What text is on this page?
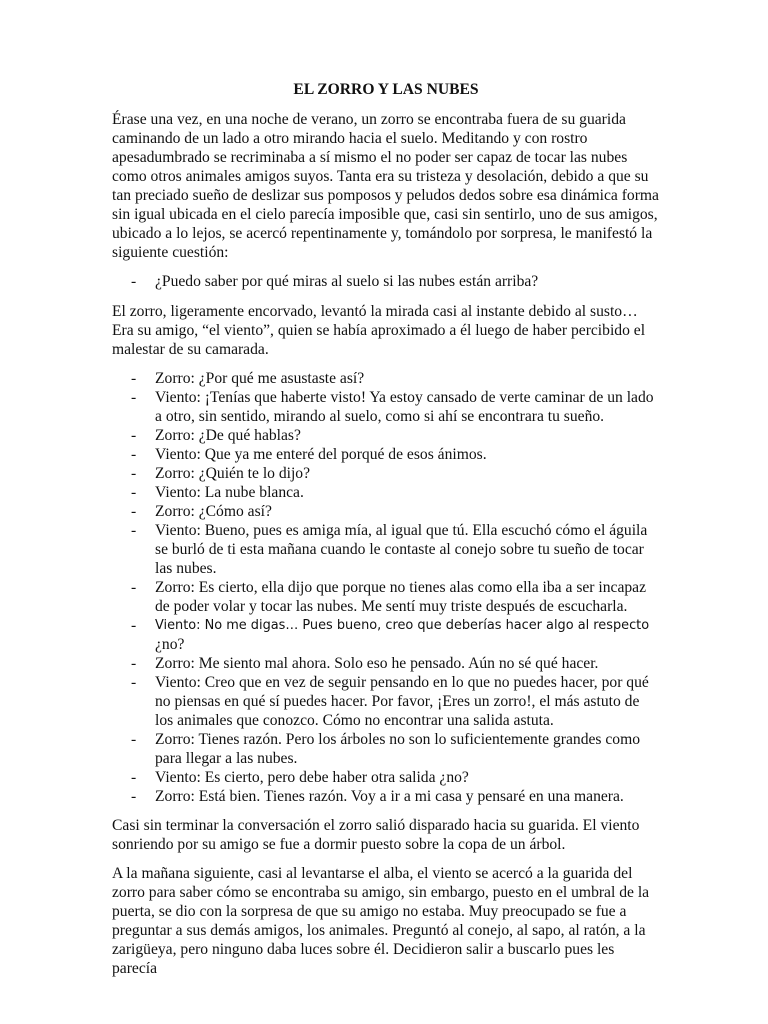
EL ZORRO Y LAS NUBES

Érase una vez, en una noche de verano, un zorro se encontraba fuera de su guarida caminando de un lado a otro mirando hacia el suelo. Meditando y con rostro apesadumbrado se recriminaba a sí mismo el no poder ser capaz de tocar las nubes como otros animales amigos suyos. Tanta era su tristeza y desolación, debido a que su tan preciado sueño de deslizar sus pomposos y peludos dedos sobre esa dinámica forma sin igual ubicada en el cielo parecía imposible que, casi sin sentirlo, uno de sus amigos, ubicado a lo lejos, se acercó repentinamente y, tomándolo por sorpresa, le manifestó la siguiente cuestión:

- ¿Puedo saber por qué miras al suelo si las nubes están arriba?

El zorro, ligeramente encorvado, levantó la mirada casi al instante debido al susto… Era su amigo, “el viento”, quien se había aproximado a él luego de haber percibido el malestar de su camarada.

- Zorro: ¿Por qué me asustaste así?
- Viento: ¡Tenías que haberte visto! Ya estoy cansado de verte caminar de un lado a otro, sin sentido, mirando al suelo, como si ahí se encontrara tu sueño.
- Zorro: ¿De qué hablas?
- Viento: Que ya me enteré del porqué de esos ánimos.
- Zorro: ¿Quién te lo dijo?
- Viento: La nube blanca.
- Zorro: ¿Cómo así?
- Viento: Bueno, pues es amiga mía, al igual que tú. Ella escuchó cómo el águila se burló de ti esta mañana cuando le contaste al conejo sobre tu sueño de tocar las nubes.
- Zorro: Es cierto, ella dijo que porque no tienes alas como ella iba a ser incapaz de poder volar y tocar las nubes. Me sentí muy triste después de escucharla.
- Viento: No me digas… Pues bueno, creo que deberías hacer algo al respecto
¿no?
- Zorro: Me siento mal ahora. Solo eso he pensado. Aún no sé qué hacer.
- Viento: Creo que en vez de seguir pensando en lo que no puedes hacer, por qué no piensas en qué sí puedes hacer. Por favor, ¡Eres un zorro!, el más astuto de los animales que conozco. Cómo no encontrar una salida astuta.
- Zorro: Tienes razón. Pero los árboles no son lo suficientemente grandes como para llegar a las nubes.
- Viento: Es cierto, pero debe haber otra salida ¿no?
- Zorro: Está bien. Tienes razón. Voy a ir a mi casa y pensaré en una manera.

Casi sin terminar la conversación el zorro salió disparado hacia su guarida. El viento sonriendo por su amigo se fue a dormir puesto sobre la copa de un árbol.

A la mañana siguiente, casi al levantarse el alba, el viento se acercó a la guarida del zorro para saber cómo se encontraba su amigo, sin embargo, puesto en el umbral de la puerta, se dio con la sorpresa de que su amigo no estaba. Muy preocupado se fue a preguntar a sus demás amigos, los animales. Preguntó al conejo, al sapo, al ratón, a la zarigüeya, pero ninguno daba luces sobre él. Decidieron salir a buscarlo pues les parecía
